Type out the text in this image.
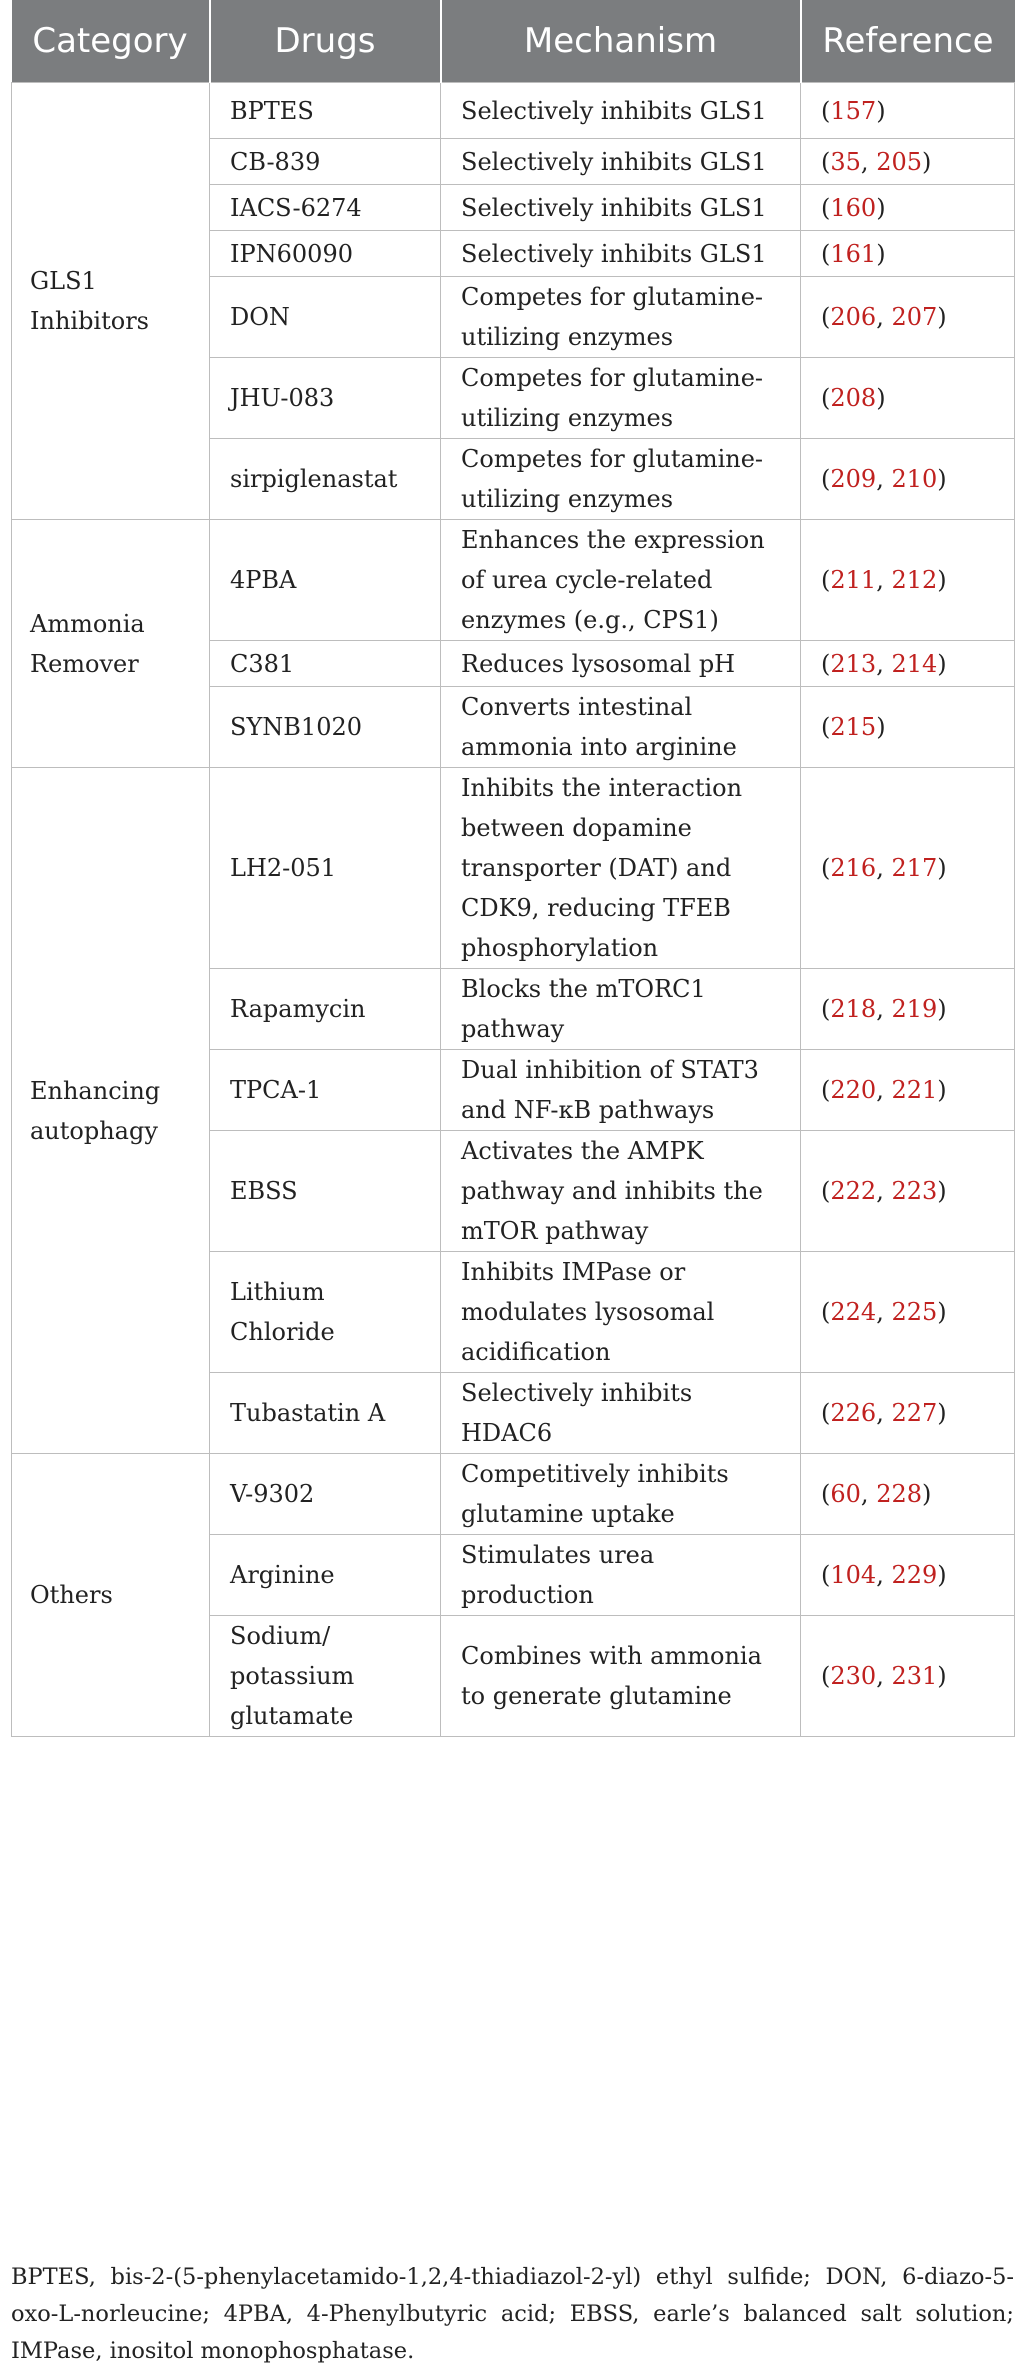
Category	Drugs	Mechanism	Reference
GLS1
Inhibitors	BPTES	Selectively inhibits GLS1	(157)
	CB-839	Selectively inhibits GLS1	(35, 205)
	IACS-6274	Selectively inhibits GLS1	(160)
	IPN60090	Selectively inhibits GLS1	(161)
	DON	Competes for glutamine-
utilizing enzymes	(206, 207)
	JHU-083	Competes for glutamine-
utilizing enzymes	(208)
	sirpiglenastat	Competes for glutamine-
utilizing enzymes	(209, 210)
Ammonia
Remover	4PBA	Enhances the expression
of urea cycle-related
enzymes (e.g., CPS1)	(211, 212)
	C381	Reduces lysosomal pH	(213, 214)
	SYNB1020	Converts intestinal
ammonia into arginine	(215)
Enhancing
autophagy	LH2-051	Inhibits the interaction
between dopamine
transporter (DAT) and
CDK9, reducing TFEB
phosphorylation	(216, 217)
	Rapamycin	Blocks the mTORC1
pathway	(218, 219)
	TPCA-1	Dual inhibition of STAT3
and NF-κB pathways	(220, 221)
	EBSS	Activates the AMPK
pathway and inhibits the
mTOR pathway	(222, 223)
	Lithium
Chloride	Inhibits IMPase or
modulates lysosomal
acidification	(224, 225)
	Tubastatin A	Selectively inhibits
HDAC6	(226, 227)
Others	V-9302	Competitively inhibits
glutamine uptake	(60, 228)
	Arginine	Stimulates urea
production	(104, 229)
	Sodium/
potassium
glutamate	Combines with ammonia
to generate glutamine	(230, 231)

BPTES, bis-2-(5-phenylacetamido-1,2,4-thiadiazol-2-yl) ethyl sulfide; DON, 6-diazo-5-oxo-L-norleucine; 4PBA, 4-Phenylbutyric acid; EBSS, earle’s balanced salt solution; IMPase, inositol monophosphatase.
